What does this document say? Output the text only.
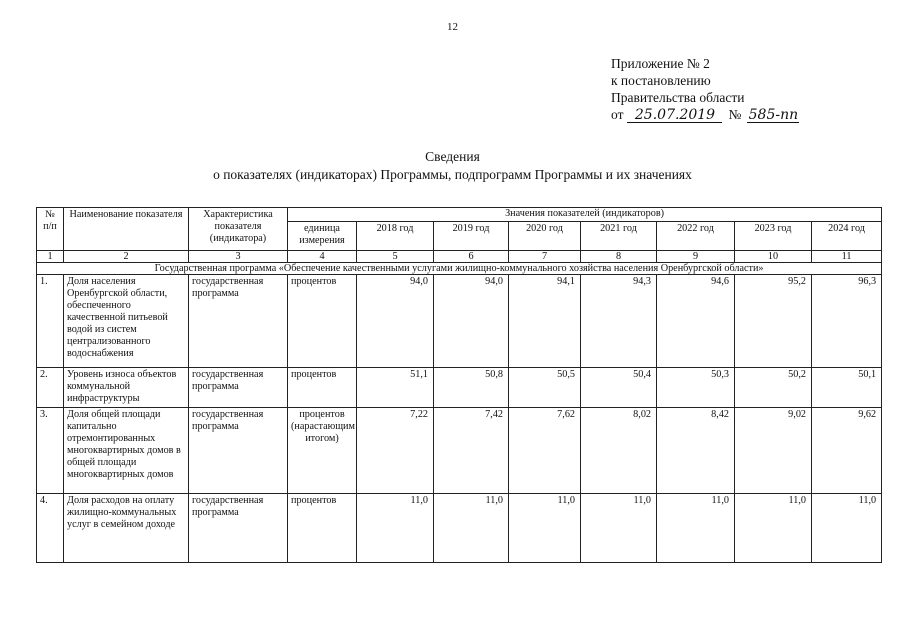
12
Приложение № 2
к постановлению
Правительства области
от 25.07.2019 № 585-пп
Сведения
о показателях (индикаторах) Программы, подпрограмм Программы и их значениях
№ п/п	Наименование показателя	Характеристика показателя (индикатора)	Значения показателей (индикаторов)							
			единица измерения	2018 год	2019 год	2020 год	2021 год	2022 год	2023 год	2024 год
1	2	3	4	5	6	7	8	9	10	11
Государственная программа «Обеспечение качественными услугами жилищно-коммунального хозяйства населения Оренбургской области»										
1.	Доля населения Оренбургской области, обеспеченного качественной питьевой водой из систем централизованного водоснабжения	государственная программа	процентов	94,0	94,0	94,1	94,3	94,6	95,2	96,3
2.	Уровень износа объектов коммунальной инфраструктуры	государственная программа	процентов	51,1	50,8	50,5	50,4	50,3	50,2	50,1
3.	Доля общей площади капитально отремонтированных многоквартирных домов в общей площади многоквартирных домов	государственная программа	процентов (нарастающим итогом)	7,22	7,42	7,62	8,02	8,42	9,02	9,62
4.	Доля расходов на оплату жилищно-коммунальных услуг в семейном доходе	государственная программа	процентов	11,0	11,0	11,0	11,0	11,0	11,0	11,0
